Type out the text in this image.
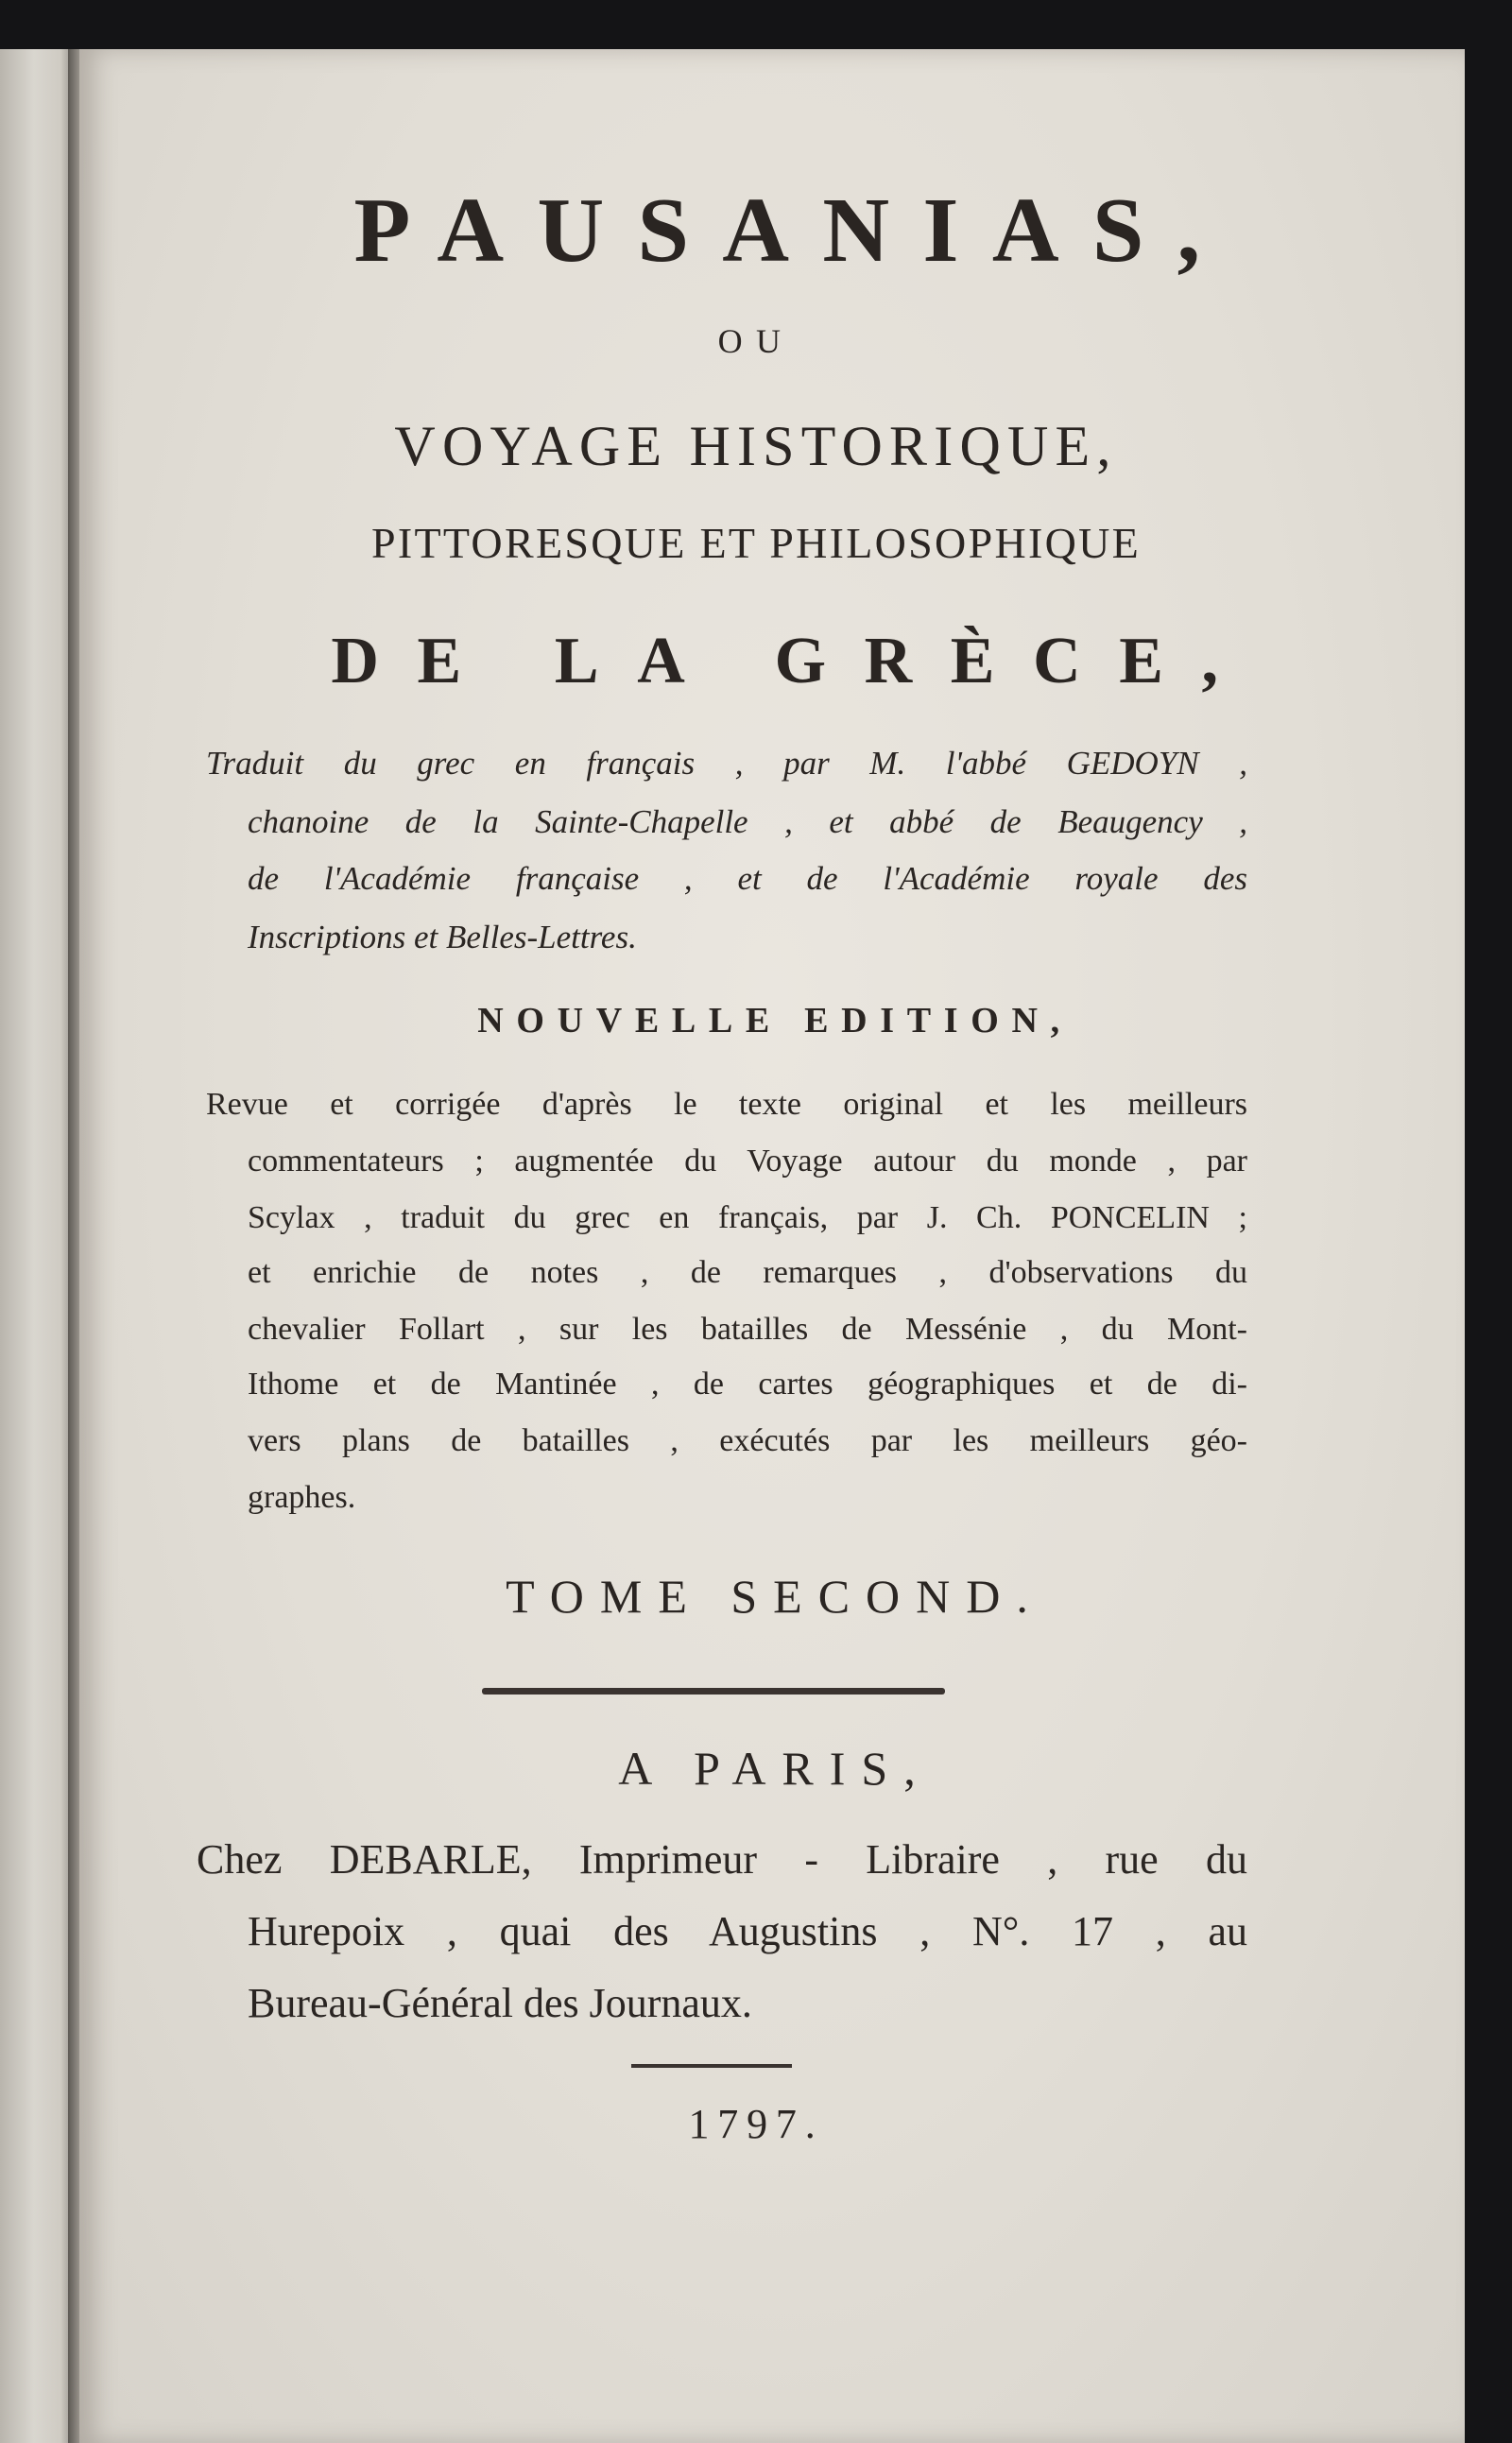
PAUSANIAS,
OU
VOYAGE HISTORIQUE,
PITTORESQUE ET PHILOSOPHIQUE
DE LA GRÈCE,
Traduit du grec en français , par M. l'abbé GEDOYN ,
chanoine de la Sainte-Chapelle , et abbé de Beaugency ,
de l'Académie française , et de l'Académie royale des
Inscriptions et Belles-Lettres.
NOUVELLE EDITION,
Revue et corrigée d'après le texte original et les meilleurs
commentateurs ; augmentée du Voyage autour du monde , par
Scylax , traduit du grec en français, par J. Ch. PONCELIN ;
et enrichie de notes , de remarques , d'observations du
chevalier Follart , sur les batailles de Messénie , du Mont-
Ithome et de Mantinée , de cartes géographiques et de di-
vers plans de batailles , exécutés par les meilleurs géo-
graphes.
TOME SECOND.
A PARIS,
Chez DEBARLE, Imprimeur - Libraire , rue du
Hurepoix , quai des Augustins , N°. 17 , au
Bureau-Général des Journaux.
1797.
